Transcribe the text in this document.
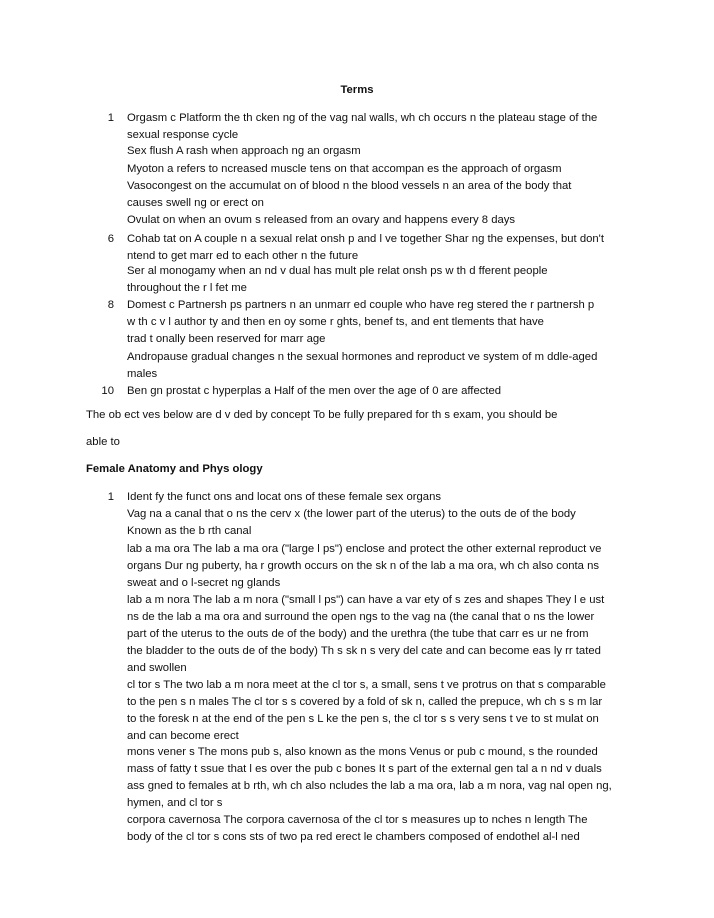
Terms
1 Orgasm c Platform the th cken ng of the vag nal walls, wh ch occurs n the plateau stage of the
sexual response cycle
Sex flush A rash when approach ng an orgasm
Myoton a refers to ncreased muscle tens on that accompan es the approach of orgasm
Vasocongest on the accumulat on of blood n the blood vessels n an area of the body that
causes swell ng or erect on
Ovulat on when an ovum s released from an ovary and happens every 8 days
6 Cohab tat on A couple n a sexual relat onsh p and l ve together Shar ng the expenses, but don't
ntend to get marr ed to each other n the future
Ser al monogamy when an nd v dual has mult ple relat onsh ps w th d fferent people
throughout the r l fet me
8 Domest c Partnersh ps partners n an unmarr ed couple who have reg stered the r partnersh p
w th c v l author ty and then en oy some r ghts, benef ts, and ent tlements that have
trad t onally been reserved for marr age
Andropause gradual changes n the sexual hormones and reproduct ve system of m ddle-aged
males
10 Ben gn prostat c hyperplas a Half of the men over the age of 0 are affected
The ob ect ves below are d v ded by concept To be fully prepared for th s exam, you should be
able to
Female Anatomy and Phys ology
1 Ident fy the funct ons and locat ons of these female sex organs
Vag na a canal that o ns the cerv x (the lower part of the uterus) to the outs de of the body
Known as the b rth canal
lab a ma ora The lab a ma ora ("large l ps") enclose and protect the other external reproduct ve
organs Dur ng puberty, ha r growth occurs on the sk n of the lab a ma ora, wh ch also conta ns
sweat and o l-secret ng glands
lab a m nora The lab a m nora ("small l ps") can have a var ety of s zes and shapes They l e ust
ns de the lab a ma ora and surround the open ngs to the vag na (the canal that o ns the lower
part of the uterus to the outs de of the body) and the urethra (the tube that carr es ur ne from
the bladder to the outs de of the body) Th s sk n s very del cate and can become eas ly rr tated
and swollen
cl tor s The two lab a m nora meet at the cl tor s, a small, sens t ve protrus on that s comparable
to the pen s n males The cl tor s s covered by a fold of sk n, called the prepuce, wh ch s s m lar
to the foresk n at the end of the pen s L ke the pen s, the cl tor s s very sens t ve to st mulat on
and can become erect
mons vener s The mons pub s, also known as the mons Venus or pub c mound, s the rounded
mass of fatty t ssue that l es over the pub c bones It s part of the external gen tal a n nd v duals
ass gned to females at b rth, wh ch also ncludes the lab a ma ora, lab a m nora, vag nal open ng,
hymen, and cl tor s
corpora cavernosa The corpora cavernosa of the cl tor s measures up to nches n length The
body of the cl tor s cons sts of two pa red erect le chambers composed of endothel al-l ned
